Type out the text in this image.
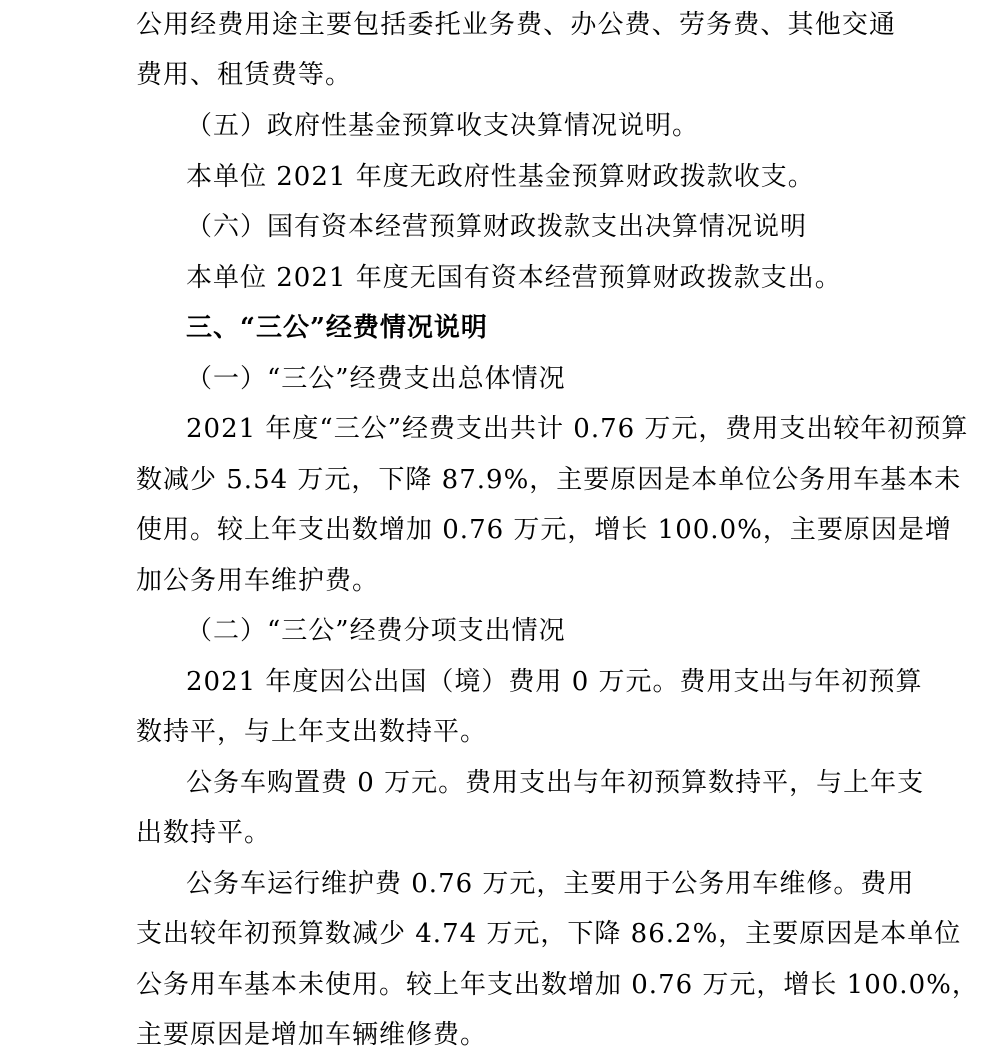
公用经费用途主要包括委托业务费、办公费、劳务费、其他交通
费用、租赁费等。
（五）政府性基金预算收支决算情况说明。
本单位 2021 年度无政府性基金预算财政拨款收支。
（六）国有资本经营预算财政拨款支出决算情况说明
本单位 2021 年度无国有资本经营预算财政拨款支出。
三、“三公”经费情况说明
（一）“三公”经费支出总体情况
2021 年度“三公”经费支出共计 0.76 万元，费用支出较年初预算
数减少 5.54 万元，下降 87.9%，主要原因是本单位公务用车基本未
使用。较上年支出数增加 0.76 万元，增长 100.0%，主要原因是增
加公务用车维护费。
（二）“三公”经费分项支出情况
2021 年度因公出国（境）费用 0 万元。费用支出与年初预算
数持平，与上年支出数持平。
公务车购置费 0 万元。费用支出与年初预算数持平，与上年支
出数持平。
公务车运行维护费 0.76 万元，主要用于公务用车维修。费用
支出较年初预算数减少 4.74 万元，下降 86.2%，主要原因是本单位
公务用车基本未使用。较上年支出数增加 0.76 万元，增长 100.0%，
主要原因是增加车辆维修费。
